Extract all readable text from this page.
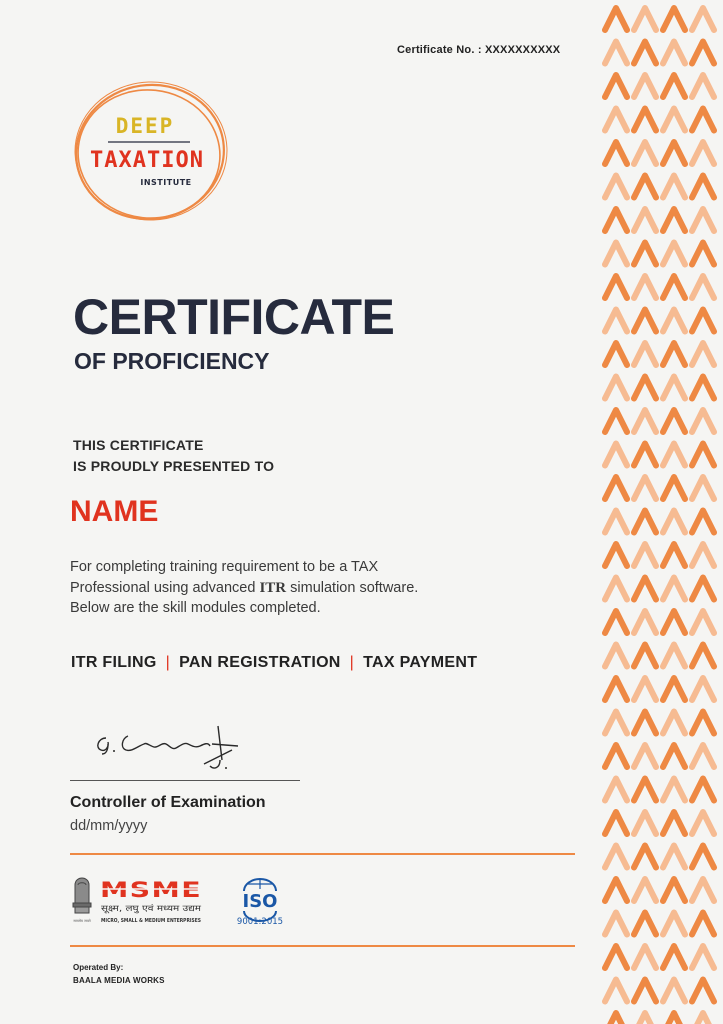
Certificate No. : XXXXXXXXXX
DEEP
TAXATION
INSTITUTE
CERTIFICATE
OF PROFICIENCY
THIS CERTIFICATE
IS PROUDLY PRESENTED TO
NAME
For completing training requirement to be a TAX
Professional using advanced ITR simulation software.
Below are the skill modules completed.
ITR FILING | PAN REGISTRATION | TAX PAYMENT
Controller of Examination
dd/mm/yyyy
सत्यमेव जयते
MSME
सूक्ष्म, लघु एवं मध्यम उद्यम
MICRO, SMALL & MEDIUM ENTERPRISES
ISO
9001:2015
Operated By:
BAALA MEDIA WORKS
